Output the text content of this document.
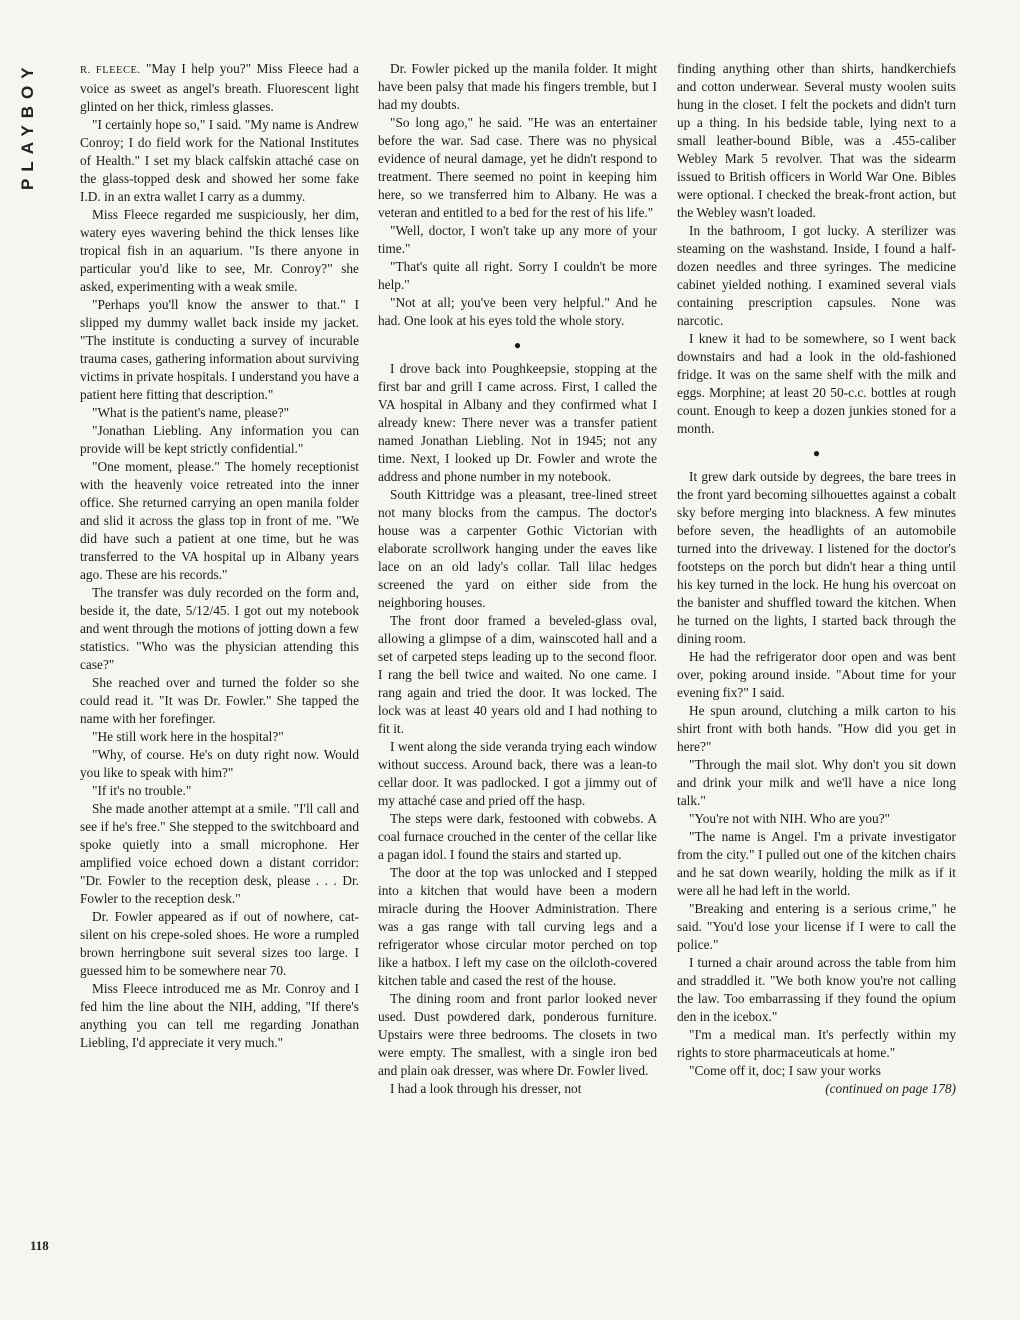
PLAYBOY	R. FLEECE. "May I help you?" Miss Fleece had a voice as sweet as angel's breath. Fluorescent light glinted on her thick, rimless glasses.

"I certainly hope so," I said. "My name is Andrew Conroy; I do field work for the National Institutes of Health." I set my black calfskin attaché case on the glass-topped desk and showed her some fake I.D. in an extra wallet I carry as a dummy.

Miss Fleece regarded me suspiciously, her dim, watery eyes wavering behind the thick lenses like tropical fish in an aquarium. "Is there anyone in particular you'd like to see, Mr. Conroy?" she asked, experimenting with a weak smile.

"Perhaps you'll know the answer to that." I slipped my dummy wallet back inside my jacket. "The institute is conducting a survey of incurable trauma cases, gathering information about surviving victims in private hospitals. I understand you have a patient here fitting that description."

"What is the patient's name, please?"

"Jonathan Liebling. Any information you can provide will be kept strictly confidential."

"One moment, please." The homely receptionist with the heavenly voice retreated into the inner office. She returned carrying an open manila folder and slid it across the glass top in front of me. "We did have such a patient at one time, but he was transferred to the VA hospital up in Albany years ago. These are his records."

The transfer was duly recorded on the form and, beside it, the date, 5/12/45. I got out my notebook and went through the motions of jotting down a few statistics. "Who was the physician attending this case?"

She reached over and turned the folder so she could read it. "It was Dr. Fowler." She tapped the name with her forefinger.

"He still work here in the hospital?"

"Why, of course. He's on duty right now. Would you like to speak with him?"

"If it's no trouble."

She made another attempt at a smile. "I'll call and see if he's free." She stepped to the switchboard and spoke quietly into a small microphone. Her amplified voice echoed down a distant corridor: "Dr. Fowler to the reception desk, please . . . Dr. Fowler to the reception desk."

Dr. Fowler appeared as if out of nowhere, cat-silent on his crepe-soled shoes. He wore a rumpled brown herringbone suit several sizes too large. I guessed him to be somewhere near 70.

Miss Fleece introduced me as Mr. Conroy and I fed him the line about the NIH, adding, "If there's anything you can tell me regarding Jonathan Liebling, I'd appreciate it very much."

Dr. Fowler picked up the manila folder. It might have been palsy that made his fingers tremble, but I had my doubts.

"So long ago," he said. "He was an entertainer before the war. Sad case. There was no physical evidence of neural damage, yet he didn't respond to treatment. There seemed no point in keeping him here, so we transferred him to Albany. He was a veteran and entitled to a bed for the rest of his life."

"Well, doctor, I won't take up any more of your time."

"That's quite all right. Sorry I couldn't be more help."

"Not at all; you've been very helpful." And he had. One look at his eyes told the whole story.

●

I drove back into Poughkeepsie, stopping at the first bar and grill I came across. First, I called the VA hospital in Albany and they confirmed what I already knew: There never was a transfer patient named Jonathan Liebling. Not in 1945; not any time. Next, I looked up Dr. Fowler and wrote the address and phone number in my notebook.

South Kittridge was a pleasant, tree-lined street not many blocks from the campus. The doctor's house was a carpenter Gothic Victorian with elaborate scrollwork hanging under the eaves like lace on an old lady's collar. Tall lilac hedges screened the yard on either side from the neighboring houses.

The front door framed a beveled-glass oval, allowing a glimpse of a dim, wainscoted hall and a set of carpeted steps leading up to the second floor. I rang the bell twice and waited. No one came. I rang again and tried the door. It was locked. The lock was at least 40 years old and I had nothing to fit it.

I went along the side veranda trying each window without success. Around back, there was a lean-to cellar door. It was padlocked. I got a jimmy out of my attaché case and pried off the hasp.

The steps were dark, festooned with cobwebs. A coal furnace crouched in the center of the cellar like a pagan idol. I found the stairs and started up.

The door at the top was unlocked and I stepped into a kitchen that would have been a modern miracle during the Hoover Administration. There was a gas range with tall curving legs and a refrigerator whose circular motor perched on top like a hatbox. I left my case on the oilcloth-covered kitchen table and cased the rest of the house.

The dining room and front parlor looked never used. Dust powdered dark, ponderous furniture. Upstairs were three bedrooms. The closets in two were empty. The smallest, with a single iron bed and plain oak dresser, was where Dr. Fowler lived.

I had a look through his dresser, not

finding anything other than shirts, handkerchiefs and cotton underwear. Several musty woolen suits hung in the closet. I felt the pockets and didn't turn up a thing. In his bedside table, lying next to a small leather-bound Bible, was a .455-caliber Webley Mark 5 revolver. That was the sidearm issued to British officers in World War One. Bibles were optional. I checked the break-front action, but the Webley wasn't loaded.

In the bathroom, I got lucky. A sterilizer was steaming on the washstand. Inside, I found a half-dozen needles and three syringes. The medicine cabinet yielded nothing. I examined several vials containing prescription capsules. None was narcotic.

I knew it had to be somewhere, so I went back downstairs and had a look in the old-fashioned fridge. It was on the same shelf with the milk and eggs. Morphine; at least 20 50-c.c. bottles at rough count. Enough to keep a dozen junkies stoned for a month.

●

It grew dark outside by degrees, the bare trees in the front yard becoming silhouettes against a cobalt sky before merging into blackness. A few minutes before seven, the headlights of an automobile turned into the driveway. I listened for the doctor's footsteps on the porch but didn't hear a thing until his key turned in the lock. He hung his overcoat on the banister and shuffled toward the kitchen. When he turned on the lights, I started back through the dining room.

He had the refrigerator door open and was bent over, poking around inside. "About time for your evening fix?" I said.

He spun around, clutching a milk carton to his shirt front with both hands. "How did you get in here?"

"Through the mail slot. Why don't you sit down and drink your milk and we'll have a nice long talk."

"You're not with NIH. Who are you?"

"The name is Angel. I'm a private investigator from the city." I pulled out one of the kitchen chairs and he sat down wearily, holding the milk as if it were all he had left in the world.

"Breaking and entering is a serious crime," he said. "You'd lose your license if I were to call the police."

I turned a chair around across the table from him and straddled it. "We both know you're not calling the law. Too embarrassing if they found the opium den in the icebox."

"I'm a medical man. It's perfectly within my rights to store pharmaceuticals at home."

"Come off it, doc; I saw your works

(continued on page 178)

118
